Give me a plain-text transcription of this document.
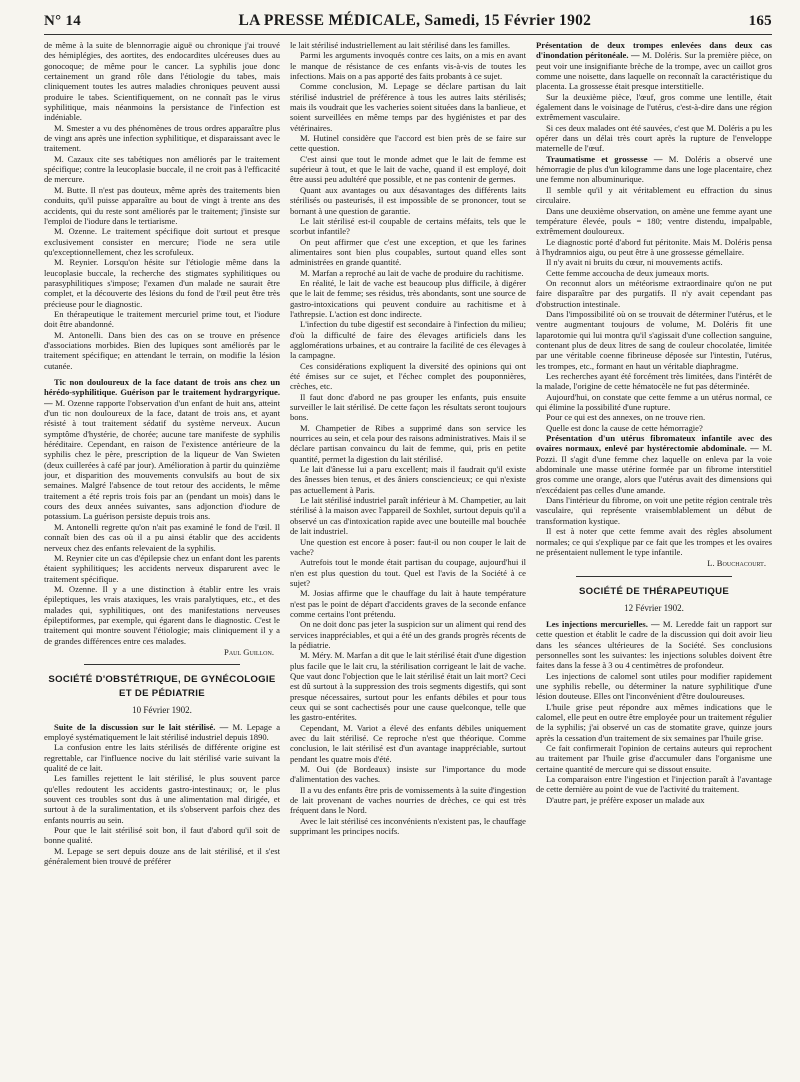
N° 14	LA PRESSE MÉDICALE, Samedi, 15 Février 1902	165

de même à la suite de blennorragie aiguë ou chronique j'ai trouvé des hémiplégies, des aortites, des endocardites ulcéreuses dues au gonocoque; de même pour le cancer. La syphilis joue donc certainement un grand rôle dans l'étiologie du tabes, mais cliniquement toutes les autres maladies chroniques peuvent aussi produire le tabes. Scientifiquement, on ne connaît pas le virus syphilitique, mais néanmoins la persistance de l'infection est indéniable.

M. Smester a vu des phénomènes de trous ordres apparaître plus de vingt ans après une infection syphilitique, et disparaissant avec le traitement.

M. Cazaux cite ses tabétiques non améliorés par le traitement spécifique; contre la leucoplasie buccale, il ne croit pas à l'efficacité de mercure.

M. Butte. Il n'est pas douteux, même après des traitements bien conduits, qu'il puisse apparaître au bout de vingt à trente ans des accidents, qui du reste sont améliorés par le traitement; j'insiste sur l'emploi de l'iodure dans le tertiarisme.

M. Ozenne. Le traitement spécifique doit surtout et presque exclusivement consister en mercure; l'iode ne sera utile qu'exceptionnellement, chez les scrofuleux.

M. Reynier. Lorsqu'on hésite sur l'étiologie même dans la leucoplasie buccale, la recherche des stigmates syphilitiques ou parasyphilitiques s'impose; l'examen d'un malade ne saurait être complet, et la découverte des lésions du fond de l'œil peut être très précieuse pour le diagnostic.

En thérapeutique le traitement mercuriel prime tout, et l'iodure doit être abandonné.

M. Antonelli. Dans bien des cas on se trouve en présence d'associations morbides. Bien des lupiques sont améliorés par le traitement spécifique; en attendant le terrain, on modifie la lésion cutanée.

Tic non douloureux de la face datant de trois ans chez un hérédo-syphilitique. Guérison par le traitement hydrargyrique. — M. Ozenne rapporte l'observation d'un enfant de huit ans, atteint d'un tic non douloureux de la face, datant de trois ans, et ayant résisté à tout traitement sédatif du système nerveux. Aucun symptôme d'hystérie, de chorée; aucune tare manifeste de syphilis héréditaire. Cependant, en raison de l'existence antérieure de la syphilis chez le père, prescription de la liqueur de Van Swieten (deux cuillerées à café par jour). Amélioration à partir du quinzième jour, et disparition des mouvements convulsifs au bout de six semaines. Malgré l'absence de tout retour des accidents, le même traitement a été repris trois fois par an (pendant un mois) dans le cours des deux années suivantes, sans adjonction d'iodure de potassium. La guérison persiste depuis trois ans.

M. Antonelli regrette qu'on n'ait pas examiné le fond de l'œil. Il connaît bien des cas où il a pu ainsi établir que des accidents nerveux chez des enfants relevaient de la syphilis.

M. Reynier cite un cas d'épilepsie chez un enfant dont les parents étaient syphilitiques; les accidents nerveux disparurent avec le traitement spécifique.

M. Ozenne. Il y a une distinction à établir entre les vrais épileptiques, les vrais ataxiques, les vrais paralytiques, etc., et des malades qui, syphilitiques, ont des manifestations nerveuses épileptiformes, par exemple, qui égarent dans le diagnostic. C'est le traitement qui montre souvent l'étiologie; mais cliniquement il y a de grandes différences entre ces malades.

Paul Guillon.
SOCIÉTÉ D'OBSTÉTRIQUE, DE GYNÉCOLOGIE ET DE PÉDIATRIE
10 Février 1902.

Suite de la discussion sur le lait stérilisé. — M. Lepage a employé systématiquement le lait stérilisé industriel depuis 1890.

La confusion entre les laits stérilisés de différente origine est regrettable, car l'influence nocive du lait stérilisé varie suivant la qualité de ce lait.

Les familles rejettent le lait stérilisé, le plus souvent parce qu'elles redoutent les accidents gastro-intestinaux; or, le plus souvent ces troubles sont dus à une alimentation mal dirigée, et surtout à de la suralimentation, et ils s'observent parfois chez des enfants nourris au sein.

Pour que le lait stérilisé soit bon, il faut d'abord qu'il soit de bonne qualité.

M. Lepage se sert depuis douze ans de lait stérilisé, et il s'est généralement bien trouvé de préférer

le lait stérilisé industriellement au lait stérilisé dans les familles.

Parmi les arguments invoqués contre ces laits, on a mis en avant le manque de résistance de ces enfants vis-à-vis de toutes les infections. Mais on a pas apporté des faits probants à ce sujet.

Comme conclusion, M. Lepage se déclare partisan du lait stérilisé industriel de préférence à tous les autres laits stérilisés; mais ils voudrait que les vacheries soient situées dans la banlieue, et soient surveillées en même temps par des hygiénistes et par des vétérinaires.

M. Hutinel considère que l'accord est bien près de se faire sur cette question.

C'est ainsi que tout le monde admet que le lait de femme est supérieur à tout, et que le lait de vache, quand il est employé, doit être aussi peu adultéré que possible, et ne pas contenir de germes.

Quant aux avantages ou aux désavantages des différents laits stérilisés ou pasteurisés, il est impossible de se prononcer, tout se bornant à une question de garantie.

Le lait stérilisé est-il coupable de certains méfaits, tels que le scorbut infantile?

On peut affirmer que c'est une exception, et que les farines alimentaires sont bien plus coupables, surtout quand elles sont administrées en grande quantité.

M. Marfan a reproché au lait de vache de produire du rachitisme.

En réalité, le lait de vache est beaucoup plus difficile, à digérer que le lait de femme; ses résidus, très abondants, sont une source de gastro-intoxications qui peuvent conduire au rachitisme et à l'athrepsie. L'action est donc indirecte.

L'infection du tube digestif est secondaire à l'infection du milieu; d'où la difficulté de faire des élevages artificiels dans les agglomérations urbaines, et au contraire la facilité de ces élevages à la campagne.

Ces considérations expliquent la diversité des opinions qui ont été émises sur ce sujet, et l'échec complet des pouponnières, crèches, etc.

Il faut donc d'abord ne pas grouper les enfants, puis ensuite surveiller le lait stérilisé. De cette façon les résultats seront toujours bons.

M. Champetier de Ribes a supprimé dans son service les nourrices au sein, et cela pour des raisons administratives. Mais il se déclare partisan convaincu du lait de femme, qui, pris en petite quantité, permet la digestion du lait stérilisé.

Le lait d'ânesse lui a paru excellent; mais il faudrait qu'il existe des ânesses bien tenus, et des âniers consciencieux; ce qui n'existe pas actuellement à Paris.

Le lait stérilisé industriel paraît inférieur à M. Champetier, au lait stérilisé à la maison avec l'appareil de Soxhlet, surtout depuis qu'il a observé un cas d'intoxication rapide avec une bouteille mal bouchée de lait industriel.

Une question est encore à poser: faut-il ou non couper le lait de vache?

Autrefois tout le monde était partisan du coupage, aujourd'hui il n'en est plus question du tout. Quel est l'avis de la Société à ce sujet?

M. Josias affirme que le chauffage du lait à haute température n'est pas le point de départ d'accidents graves de la seconde enfance comme certains l'ont prétendu.

On ne doit donc pas jeter la suspicion sur un aliment qui rend des services inappréciables, et qui a été un des grands progrès récents de la pédiatrie.

M. Méry. M. Marfan a dit que le lait stérilisé était d'une digestion plus facile que le lait cru, la stérilisation corrigeant le lait de vache. Que vaut donc l'objection que le lait stérilisé était un lait mort? Ceci est dû surtout à la suppression des trois segments digestifs, qui sont presque nécessaires, surtout pour les enfants débiles et pour tous ceux qui se sont cachectisés pour une cause quelconque, telle que les gastro-entérites.

Cependant, M. Variot a élevé des enfants débiles uniquement avec du lait stérilisé. Ce reproche n'est que théorique. Comme conclusion, le lait stérilisé est d'un avantage inappréciable, surtout pendant les quatre mois d'été.

M. Oui (de Bordeaux) insiste sur l'importance du mode d'alimentation des vaches.

Il a vu des enfants être pris de vomissements à la suite d'ingestion de lait provenant de vaches nourries de drèches, ce qui est très fréquent dans le Nord.

Avec le lait stérilisé ces inconvénients n'existent pas, le chauffage supprimant les principes nocifs.

Présentation de deux trompes enlevées dans deux cas d'inondation péritonéale. — M. Doléris. Sur la première pièce, on peut voir une insignifiante brèche de la trompe, avec un caillot gros comme une noisette, dans laquelle on reconnaît la caractéristique du placenta. La grossesse était presque interstitielle.

Sur la deuxième pièce, l'œuf, gros comme une lentille, était également dans le voisinage de l'utérus, c'est-à-dire dans une région extrêmement vasculaire.

Si ces deux malades ont été sauvées, c'est que M. Doléris a pu les opérer dans un délai très court après la rupture de l'enveloppe maternelle de l'œuf.

Traumatisme et grossesse — M. Doléris a observé une hémorragie de plus d'un kilogramme dans une loge placentaire, chez une femme non albuminurique.

Il semble qu'il y ait véritablement eu effraction du sinus circulaire.

Dans une deuxième observation, on amène une femme ayant une température élevée, pouls = 180; ventre distendu, impalpable, extrêmement douloureux.

Le diagnostic porté d'abord fut péritonite. Mais M. Doléris pensa à l'hydramnios aigu, ou peut être à une grossesse gémellaire.

Il n'y avait ni bruits du cœur, ni mouvements actifs.

Cette femme accoucha de deux jumeaux morts.

On reconnut alors un météorisme extraordinaire qu'on ne put faire disparaître par des purgatifs. Il n'y avait cependant pas d'obstruction intestinale.

Dans l'impossibilité où on se trouvait de déterminer l'utérus, et le ventre augmentant toujours de volume, M. Doléris fit une laparotomie qui lui montra qu'il s'agissait d'une collection sanguine, contenant plus de deux litres de sang de couleur chocolatée, limitée par une véritable coenne fibrineuse déposée sur l'intestin, l'utérus, les trompes, etc., formant en haut un véritable diaphragme.

Les recherches ayant été forcément très limitées, dans l'intérêt de la malade, l'origine de cette hématocèle ne fut pas déterminée.

Aujourd'hui, on constate que cette femme a un utérus normal, ce qui élimine la possibilité d'une rupture.

Pour ce qui est des annexes, on ne trouve rien.

Quelle est donc la cause de cette hémorragie?

Présentation d'un utérus fibromateux infantile avec des ovaires normaux, enlevé par hystérectomie abdominale. — M. Pozzi. Il s'agit d'une femme chez laquelle on enleva par la voie abdominale une masse utérine formée par un fibrome interstitiel gros comme une orange, alors que l'utérus avait des dimensions qui n'excédaient pas celles d'une amande.

Dans l'intérieur du fibrome, on voit une petite région centrale très vasculaire, qui représente vraisemblablement un début de transformation kystique.

Il est à noter que cette femme avait des règles absolument normales; ce qui s'explique par ce fait que les trompes et les ovaires ne présentaient nullement le type infantile.

L. Bouchacourt.
SOCIÉTÉ DE THÉRAPEUTIQUE
12 Février 1902.

Les injections mercurielles. — M. Leredde fait un rapport sur cette question et établit le cadre de la discussion qui doit avoir lieu dans les séances ultérieures de la Société. Ses conclusions personnelles sont les suivantes: les injections solubles doivent être faites dans la fesse à 3 ou 4 centimètres de profondeur.

Les injections de calomel sont utiles pour modifier rapidement une syphilis rebelle, ou déterminer la nature syphilitique d'une lésion douteuse. Elles ont l'inconvénient d'être douloureuses.

L'huile grise peut répondre aux mêmes indications que le calomel, elle peut en outre être employée pour un traitement régulier de la syphilis; j'ai observé un cas de stomatite grave, quinze jours après la cessation d'un traitement de six semaines par l'huile grise.

Ce fait confirmerait l'opinion de certains auteurs qui reprochent au traitement par l'huile grise d'accumuler dans l'organisme une certaine quantité de mercure qui se dissout ensuite.

La comparaison entre l'ingestion et l'injection paraît à l'avantage de cette dernière au point de vue de l'activité du traitement.

D'autre part, je préfère exposer un malade aux
